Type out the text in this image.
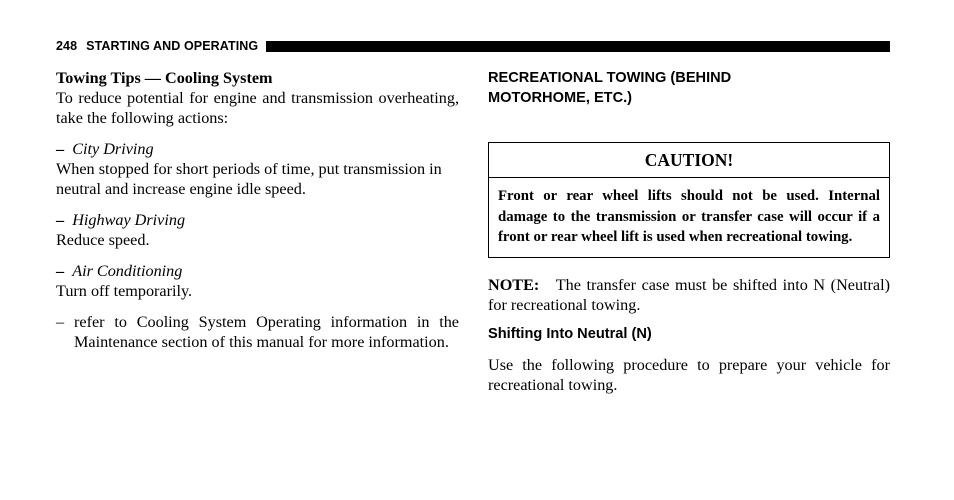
248 STARTING AND OPERATING

Towing Tips — Cooling System

To reduce potential for engine and transmission overheating, take the following actions:

– City Driving

When stopped for short periods of time, put transmission in neutral and increase engine idle speed.

– Highway Driving

Reduce speed.

– Air Conditioning

Turn off temporarily.

– refer to Cooling System Operating information in the Maintenance section of this manual for more information.

RECREATIONAL TOWING (BEHIND

MOTORHOME, ETC.)

CAUTION!
Front or rear wheel lifts should not be used. Internal damage to the transmission or transfer case will occur if a front or rear wheel lift is used when recreational towing.

NOTE: The transfer case must be shifted into N (Neutral) for recreational towing.

Shifting Into Neutral (N)

Use the following procedure to prepare your vehicle for recreational towing.
